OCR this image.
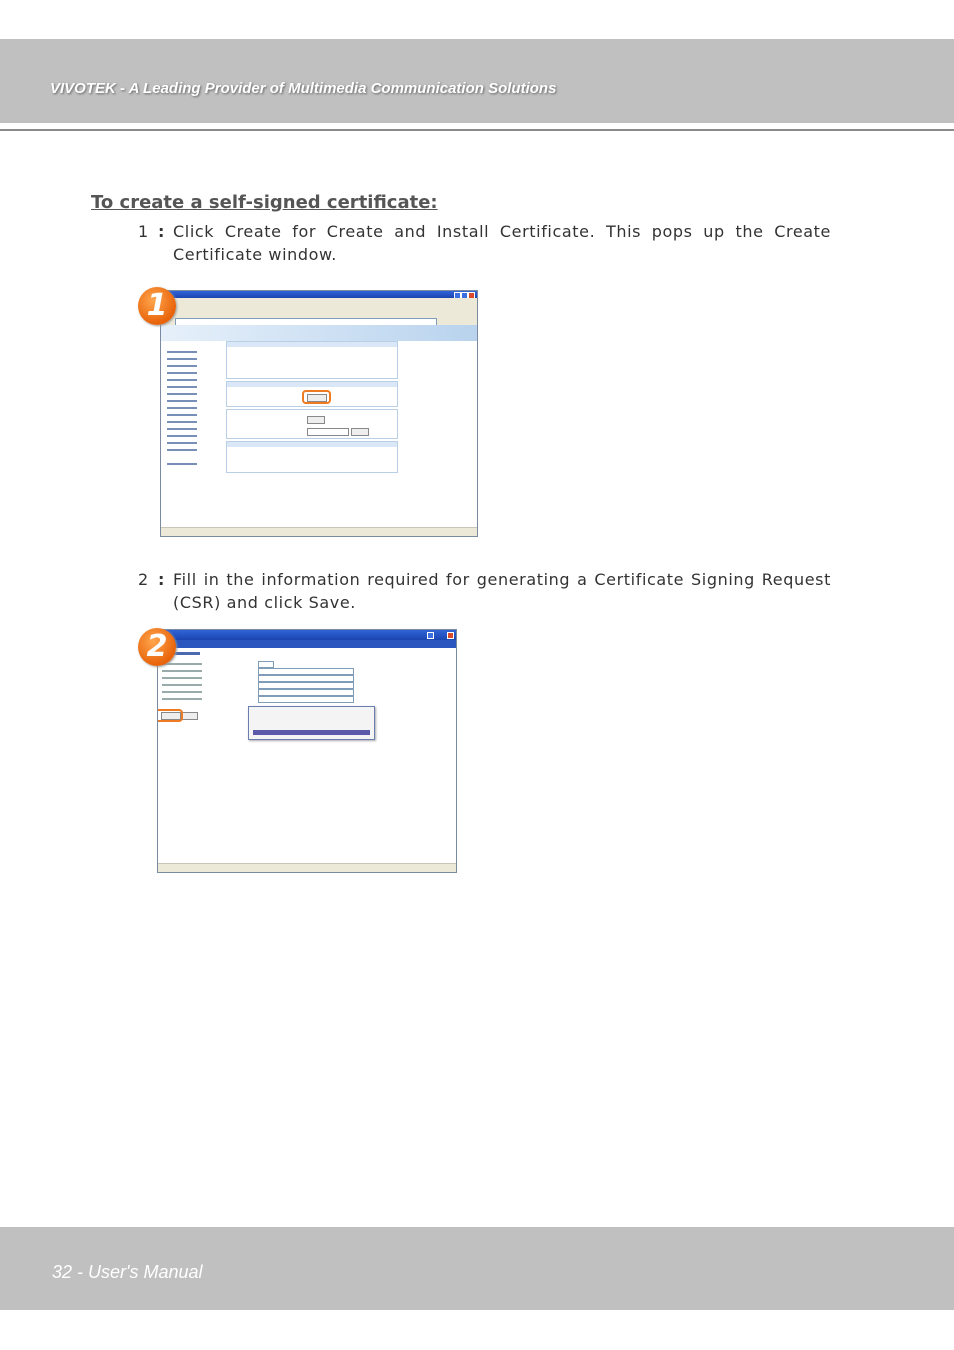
VIVOTEK - A Leading Provider of Multimedia Communication Solutions
To create a self-signed certificate:
1 : Click Create for Create and Install Certificate. This pops up the Create Certificate window.
1
2 : Fill in the information required for generating a Certificate Signing Request (CSR) and click Save.
2
32 - User's Manual
